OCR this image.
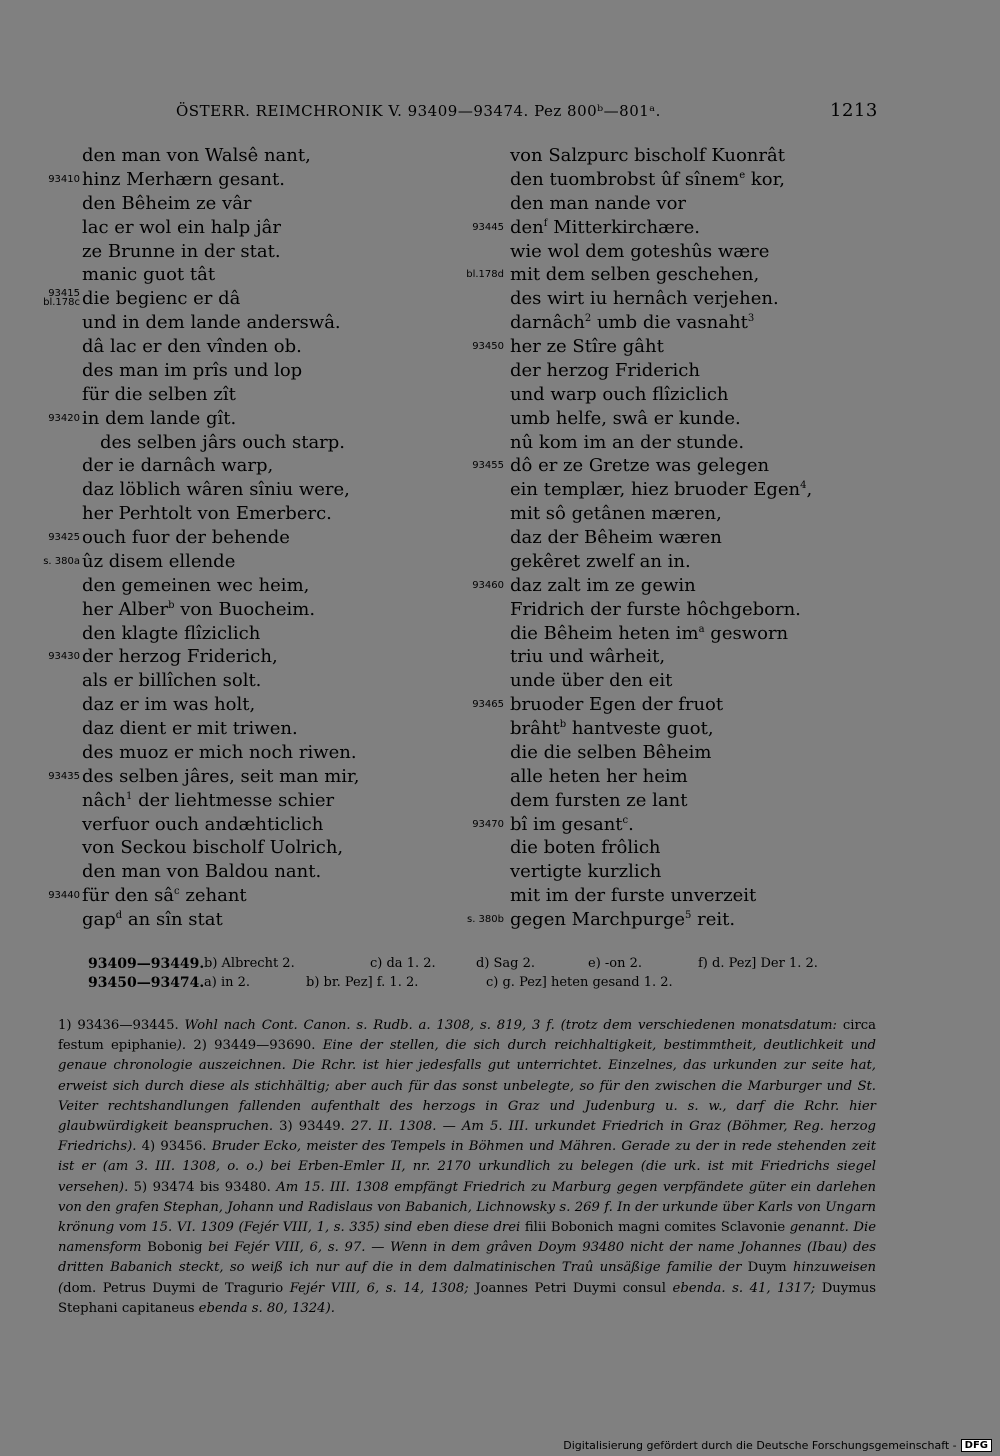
ÖSTERR. REIMCHRONIK V. 93409—93474. Pez 800ᵇ—801ᵃ.	1213
den man von Walsê nant,
93410 hinz Merhærn gesant.
den Bêheim ze vâr
lac er wol ein halp jâr
ze Brunne in der stat.
manic guot tât
93415
bl.178c die begienc er dâ
und in dem lande anderswâ.
dâ lac er den vînden ob.
des man im prîs und lop
für die selben zît
93420 in dem lande gît.
des selben jârs ouch starp.
der ie darnâch warp,
daz löblich wâren sîniu were,
her Perhtolt von Emerberc.
93425 ouch fuor der behende
s. 380a ûz disem ellende
den gemeinen wec heim,
her Alber$^b$ von Buocheim.
den klagte flîziclich
93430 der herzog Friderich,
als er billîchen solt.
daz er im was holt,
daz dient er mit triwen.
des muoz er mich noch riwen.
93435 des selben jâres, seit man mir,
nâch$^1$ der liehtmesse schier
verfuor ouch andæhticlich
von Seckou bischolf Uolrich,
den man von Baldou nant.
93440 für den $sâ^c$ zehant
gap$^d$ an sîn stat
von Salzpurc bischolf Kuonrât
den tuombrobst ûf sînem$^e$ kor,
den man nande vor
93445 den$^f$ Mitterkirchære.
wie wol dem goteshûs wære
bl.178d mit dem selben geschehen,
des wirt iu hernâch verjehen.
darnâch$^2$ umb die vasnaht$^3$
93450 her ze Stîre gâht
der herzog Friderich
und warp ouch flîziclich
umb helfe, swâ er kunde.
nû kom im an der stunde.
93455 dô er ze Gretze was gelegen
ein templær, hiez bruoder Egen$^4$,
mit sô getânen mæren,
daz der Bêheim wæren
gekêret zwelf an in.
93460 daz zalt im ze gewin
Fridrich der furste hôchgeborn.
die Bêheim heten $im^a$ gesworn
triu und wârheit,
unde über den eit
93465 bruoder Egen der fruot
brâht$^b$ hantveste guot,
die die selben Bêheim
alle heten her heim
dem fursten ze lant
93470 bî im gesant$^c$.
die boten frôlich
vertigte kurzlich
mit im der furste unverzeit
s. 380b gegen Marchpurge$^5$ reit.
93409—93449. b) Albrecht 2.	c) da 1. 2.	d) Sag 2.	e) -on 2.	f) d. Pez] Der 1. 2.
93450—93474. a) in 2.	b) br. Pez] f. 1. 2.	c) g. Pez] heten gesand 1. 2.
1) 93436—93445. Wohl nach Cont. Canon. s. Rudb. a. 1308, s. 819, 3 f. (trotz dem verschiedenen monatsdatum: circa festum epiphanie). 2) 93449—93690. Eine der stellen, die sich durch reichhaltigkeit, bestimmtheit, deutlichkeit und genaue chronologie auszeichnen. Die Rchr. ist hier jedesfalls gut unterrichtet. Einzelnes, das urkunden zur seite hat, erweist sich durch diese als stichhältig; aber auch für das sonst unbelegte, so für den zwischen die Marburger und St. Veiter rechtshandlungen fallenden aufenthalt des herzogs in Graz und Judenburg u. s. w., darf die Rchr. hier glaubwürdigkeit beanspruchen. 3) 93449. 27. II. 1308. — Am 5. III. urkundet Friedrich in Graz (Böhmer, Reg. herzog Friedrichs). 4) 93456. Bruder Ecko, meister des Tempels in Böhmen und Mähren. Gerade zu der in rede stehenden zeit ist er (am 3. III. 1308, o. o.) bei Erben-Emler II, nr. 2170 urkundlich zu belegen (die urk. ist mit Friedrichs siegel versehen). 5) 93474 bis 93480. Am 15. III. 1308 empfängt Friedrich zu Marburg gegen verpfändete güter ein darlehen von den grafen Stephan, Johann und Radislaus von Babanich, Lichnowsky s. 269 f. In der urkunde über Karls von Ungarn krönung vom 15. VI. 1309 (Fejér VIII, 1, s. 335) sind eben diese drei filii Bobonich magni comites Sclavonie genannt. Die namensform Bobonig bei Fejér VIII, 6, s. 97. — Wenn in dem grâven Doym 93480 nicht der name Johannes (Ibau) des dritten Babanich steckt, so weiß ich nur auf die in dem dalmatinischen Traû unsäßige familie der Duym hinzuweisen (dom. Petrus Duymi de Tragurio Fejér VIII, 6, s. 14, 1308; Joannes Petri Duymi consul ebenda. s. 41, 1317; Duymus Stephani capitaneus ebenda s. 80, 1324).
Digitalisierung gefördert durch die Deutsche Forschungsgemeinschaft - DFG
